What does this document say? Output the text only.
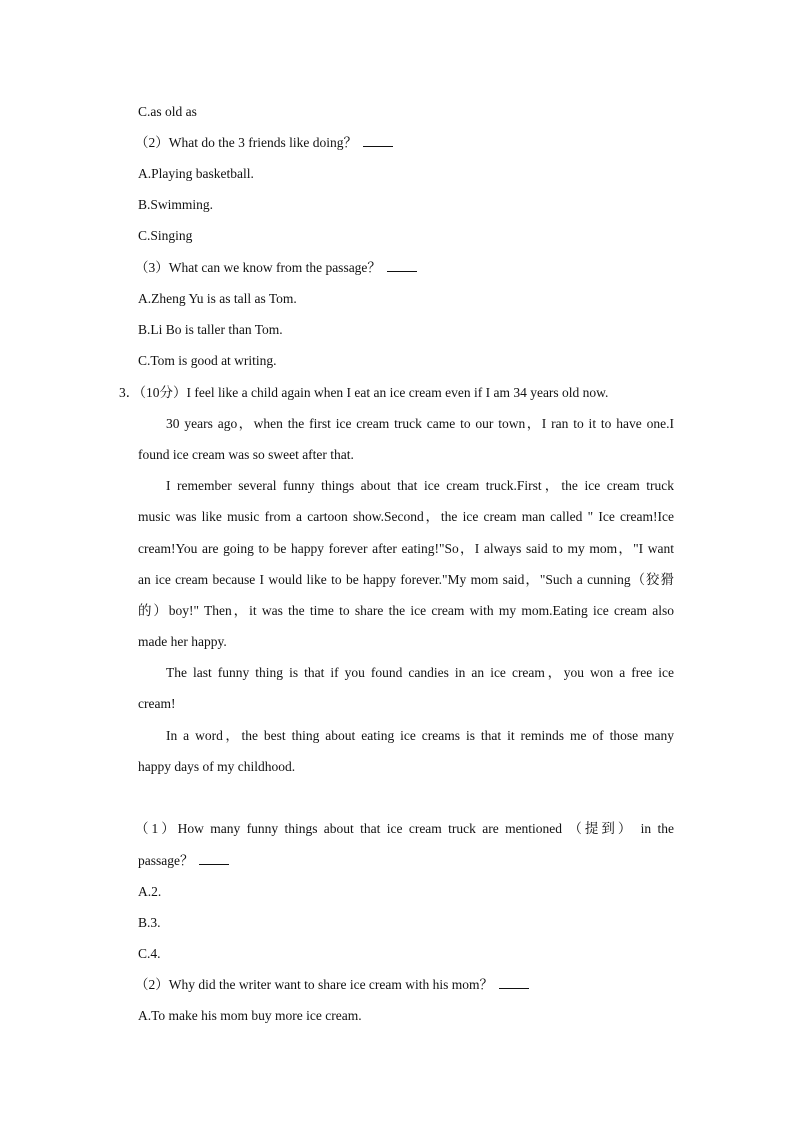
C.as old as
（2）What do the 3 friends like doing？
A.Playing basketball.
B.Swimming.
C.Singing
（3）What can we know from the passage？
A.Zheng Yu is as tall as Tom.
B.Li Bo is taller than Tom.
C.Tom is good at writing.
3．（10分）I feel like a child again when I eat an ice cream even if I am 34 years old now.
30 years ago，when the first ice cream truck came to our town，I ran to it to have one.I
found ice cream was so sweet after that.
I remember several funny things about that ice cream truck.First，the ice cream truck
music was like music from a cartoon show.Second，the ice cream man called " Ice cream!Ice
cream!You are going to be happy forever after eating!"So，I always said to my mom，"I want
an ice cream because I would like to be happy forever."My mom said，"Such a cunning（狡猾
的）boy!" Then，it was the time to share the ice cream with my mom.Eating ice cream also
made her happy.
The last funny thing is that if you found candies in an ice cream，you won a free ice
cream!
In a word，the best thing about eating ice creams is that it reminds me of those many
happy days of my childhood.
（1）How many funny things about that ice cream truck are mentioned （提到） in the
passage？
A.2.
B.3.
C.4.
（2）Why did the writer want to share ice cream with his mom？
A.To make his mom buy more ice cream.
